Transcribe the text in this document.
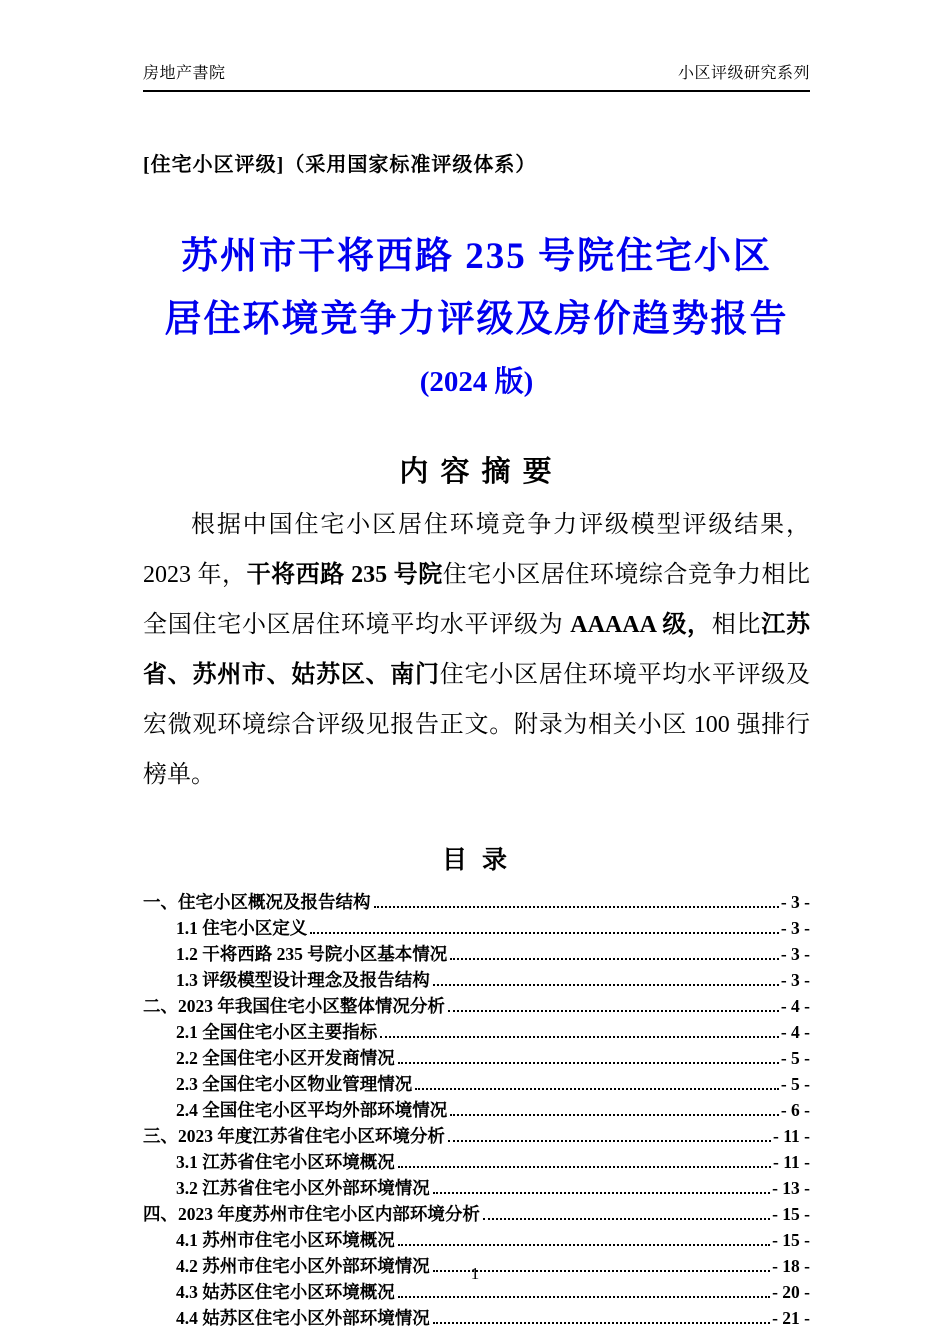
房地产書院	小区评级研究系列
[住宅小区评级]（采用国家标准评级体系）
苏州市干将西路 235 号院住宅小区
居住环境竞争力评级及房价趋势报告
(2024 版)
内 容 摘 要

根据中国住宅小区居住环境竞争力评级模型评级结果，2023 年，干将西路 235 号院住宅小区居住环境综合竞争力相比全国住宅小区居住环境平均水平评级为 AAAAA 级，相比江苏省、苏州市、姑苏区、南门住宅小区居住环境平均水平评级及宏微观环境综合评级见报告正文。附录为相关小区 100 强排行榜单。

目 录
一、住宅小区概况及报告结构	- 3 -
1.1 住宅小区定义	- 3 -
1.2 干将西路 235 号院小区基本情况	- 3 -
1.3 评级模型设计理念及报告结构	- 3 -
二、2023 年我国住宅小区整体情况分析	- 4 -
2.1 全国住宅小区主要指标	- 4 -
2.2 全国住宅小区开发商情况	- 5 -
2.3 全国住宅小区物业管理情况	- 5 -
2.4 全国住宅小区平均外部环境情况	- 6 -
三、2023 年度江苏省住宅小区环境分析	- 11 -
3.1 江苏省住宅小区环境概况	- 11 -
3.2 江苏省住宅小区外部环境情况	- 13 -
四、2023 年度苏州市住宅小区内部环境分析	- 15 -
4.1 苏州市住宅小区环境概况	- 15 -
4.2 苏州市住宅小区外部环境情况	- 18 -
4.3 姑苏区住宅小区环境概况	- 20 -
4.4 姑苏区住宅小区外部环境情况	- 21 -
1
